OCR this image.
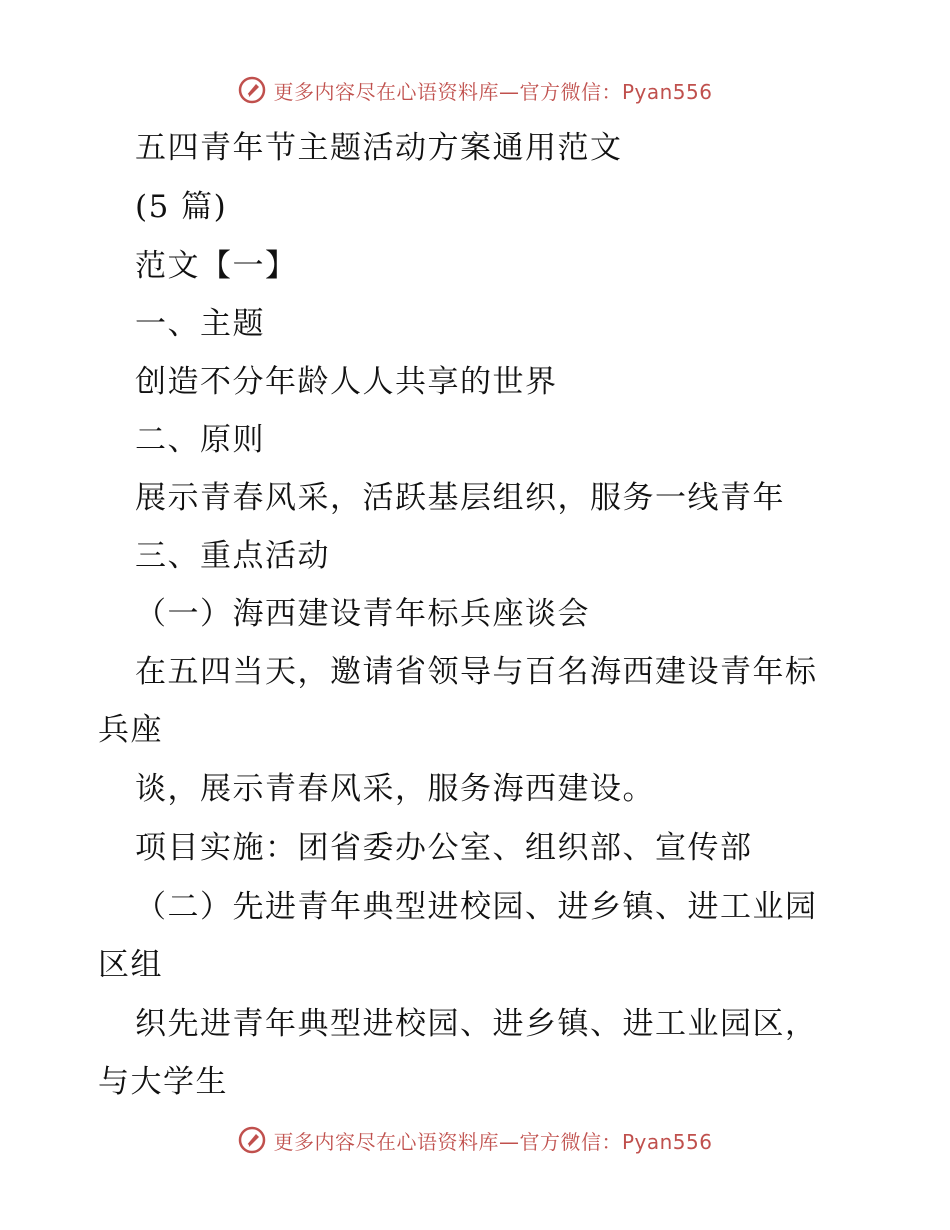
更多内容尽在心语资料库—官方微信：Pyan556
五四青年节主题活动方案通用范文
(5 篇)
范文【一】
一、主题
创造不分年龄人人共享的世界
二、原则
展示青春风采，活跃基层组织，服务一线青年
三、重点活动
（一）海西建设青年标兵座谈会
在五四当天，邀请省领导与百名海西建设青年标
兵座
谈，展示青春风采，服务海西建设。
项目实施：团省委办公室、组织部、宣传部
（二）先进青年典型进校园、进乡镇、进工业园
区组
织先进青年典型进校园、进乡镇、进工业园区，
与大学生
更多内容尽在心语资料库—官方微信：Pyan556
